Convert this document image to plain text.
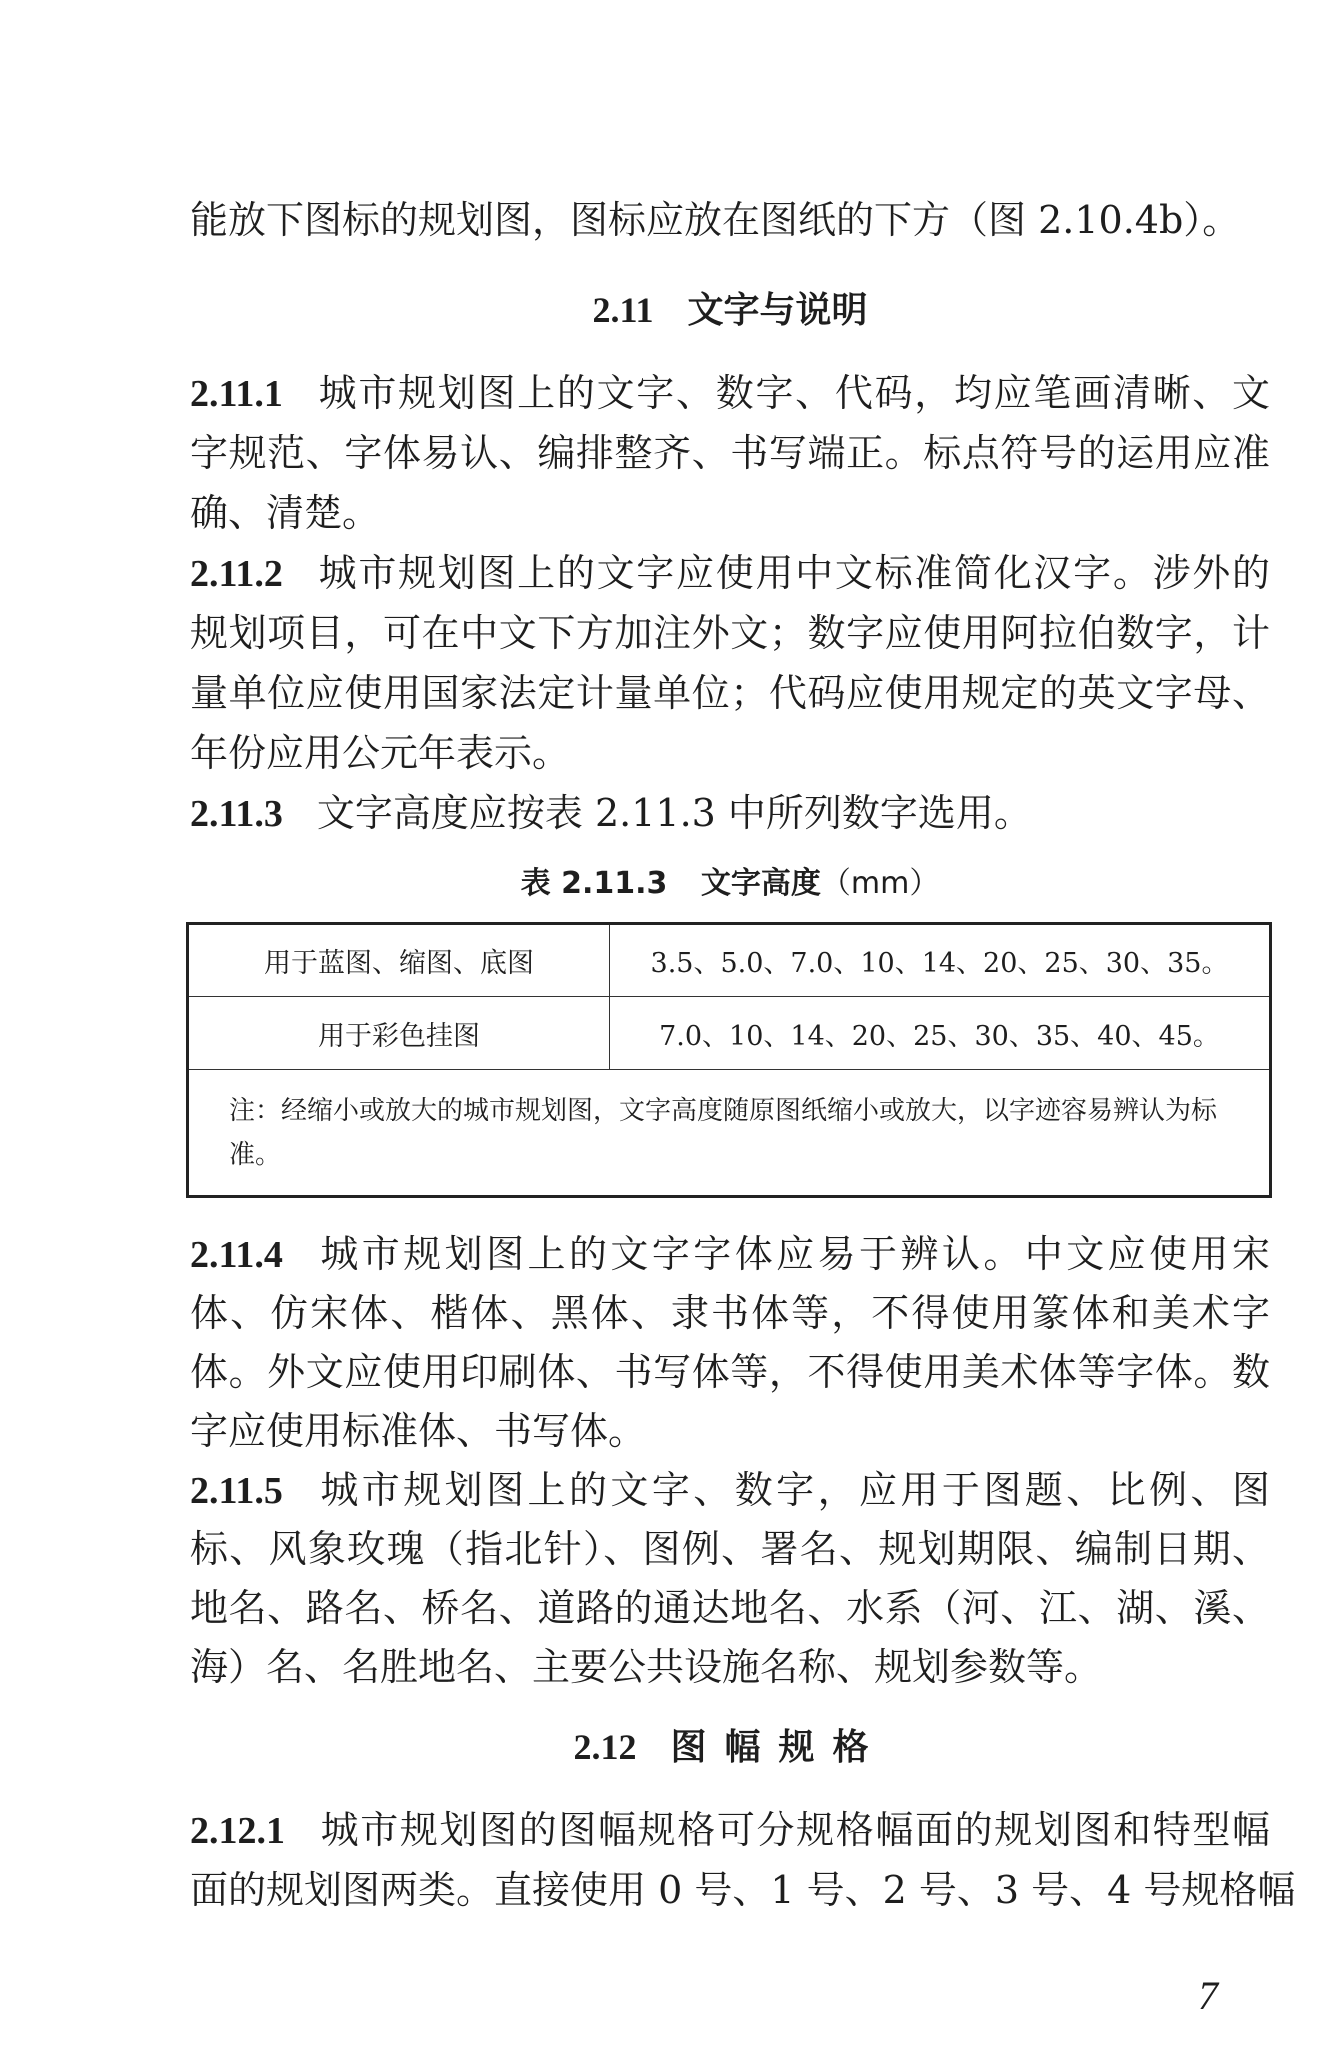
能放下图标的规划图，图标应放在图纸的下方（图 2.10.4b）。
2.11 文字与说明
2.11.1 城市规划图上的文字、数字、代码，均应笔画清晰、文
字规范、字体易认、编排整齐、书写端正。标点符号的运用应准
确、清楚。
2.11.2 城市规划图上的文字应使用中文标准简化汉字。涉外的
规划项目，可在中文下方加注外文；数字应使用阿拉伯数字，计
量单位应使用国家法定计量单位；代码应使用规定的英文字母、
年份应用公元年表示。
2.11.3 文字高度应按表 2.11.3 中所列数字选用。
表 2.11.3 文字高度（mm）
用于蓝图、缩图、底图	3.5、5.0、7.0、10、14、20、25、30、35。
用于彩色挂图	7.0、10、14、20、25、30、35、40、45。
注：经缩小或放大的城市规划图，文字高度随原图纸缩小或放大，以字迹容易辨认为标准。	
2.11.4 城市规划图上的文字字体应易于辨认。中文应使用宋
体、仿宋体、楷体、黑体、隶书体等，不得使用篆体和美术字
体。外文应使用印刷体、书写体等，不得使用美术体等字体。数
字应使用标准体、书写体。
2.11.5 城市规划图上的文字、数字，应用于图题、比例、图
标、风象玫瑰（指北针）、图例、署名、规划期限、编制日期、
地名、路名、桥名、道路的通达地名、水系（河、江、湖、溪、
海）名、名胜地名、主要公共设施名称、规划参数等。
2.12 图幅规格
2.12.1 城市规划图的图幅规格可分规格幅面的规划图和特型幅
面的规划图两类。直接使用 0 号、1 号、2 号、3 号、4 号规格幅
7
